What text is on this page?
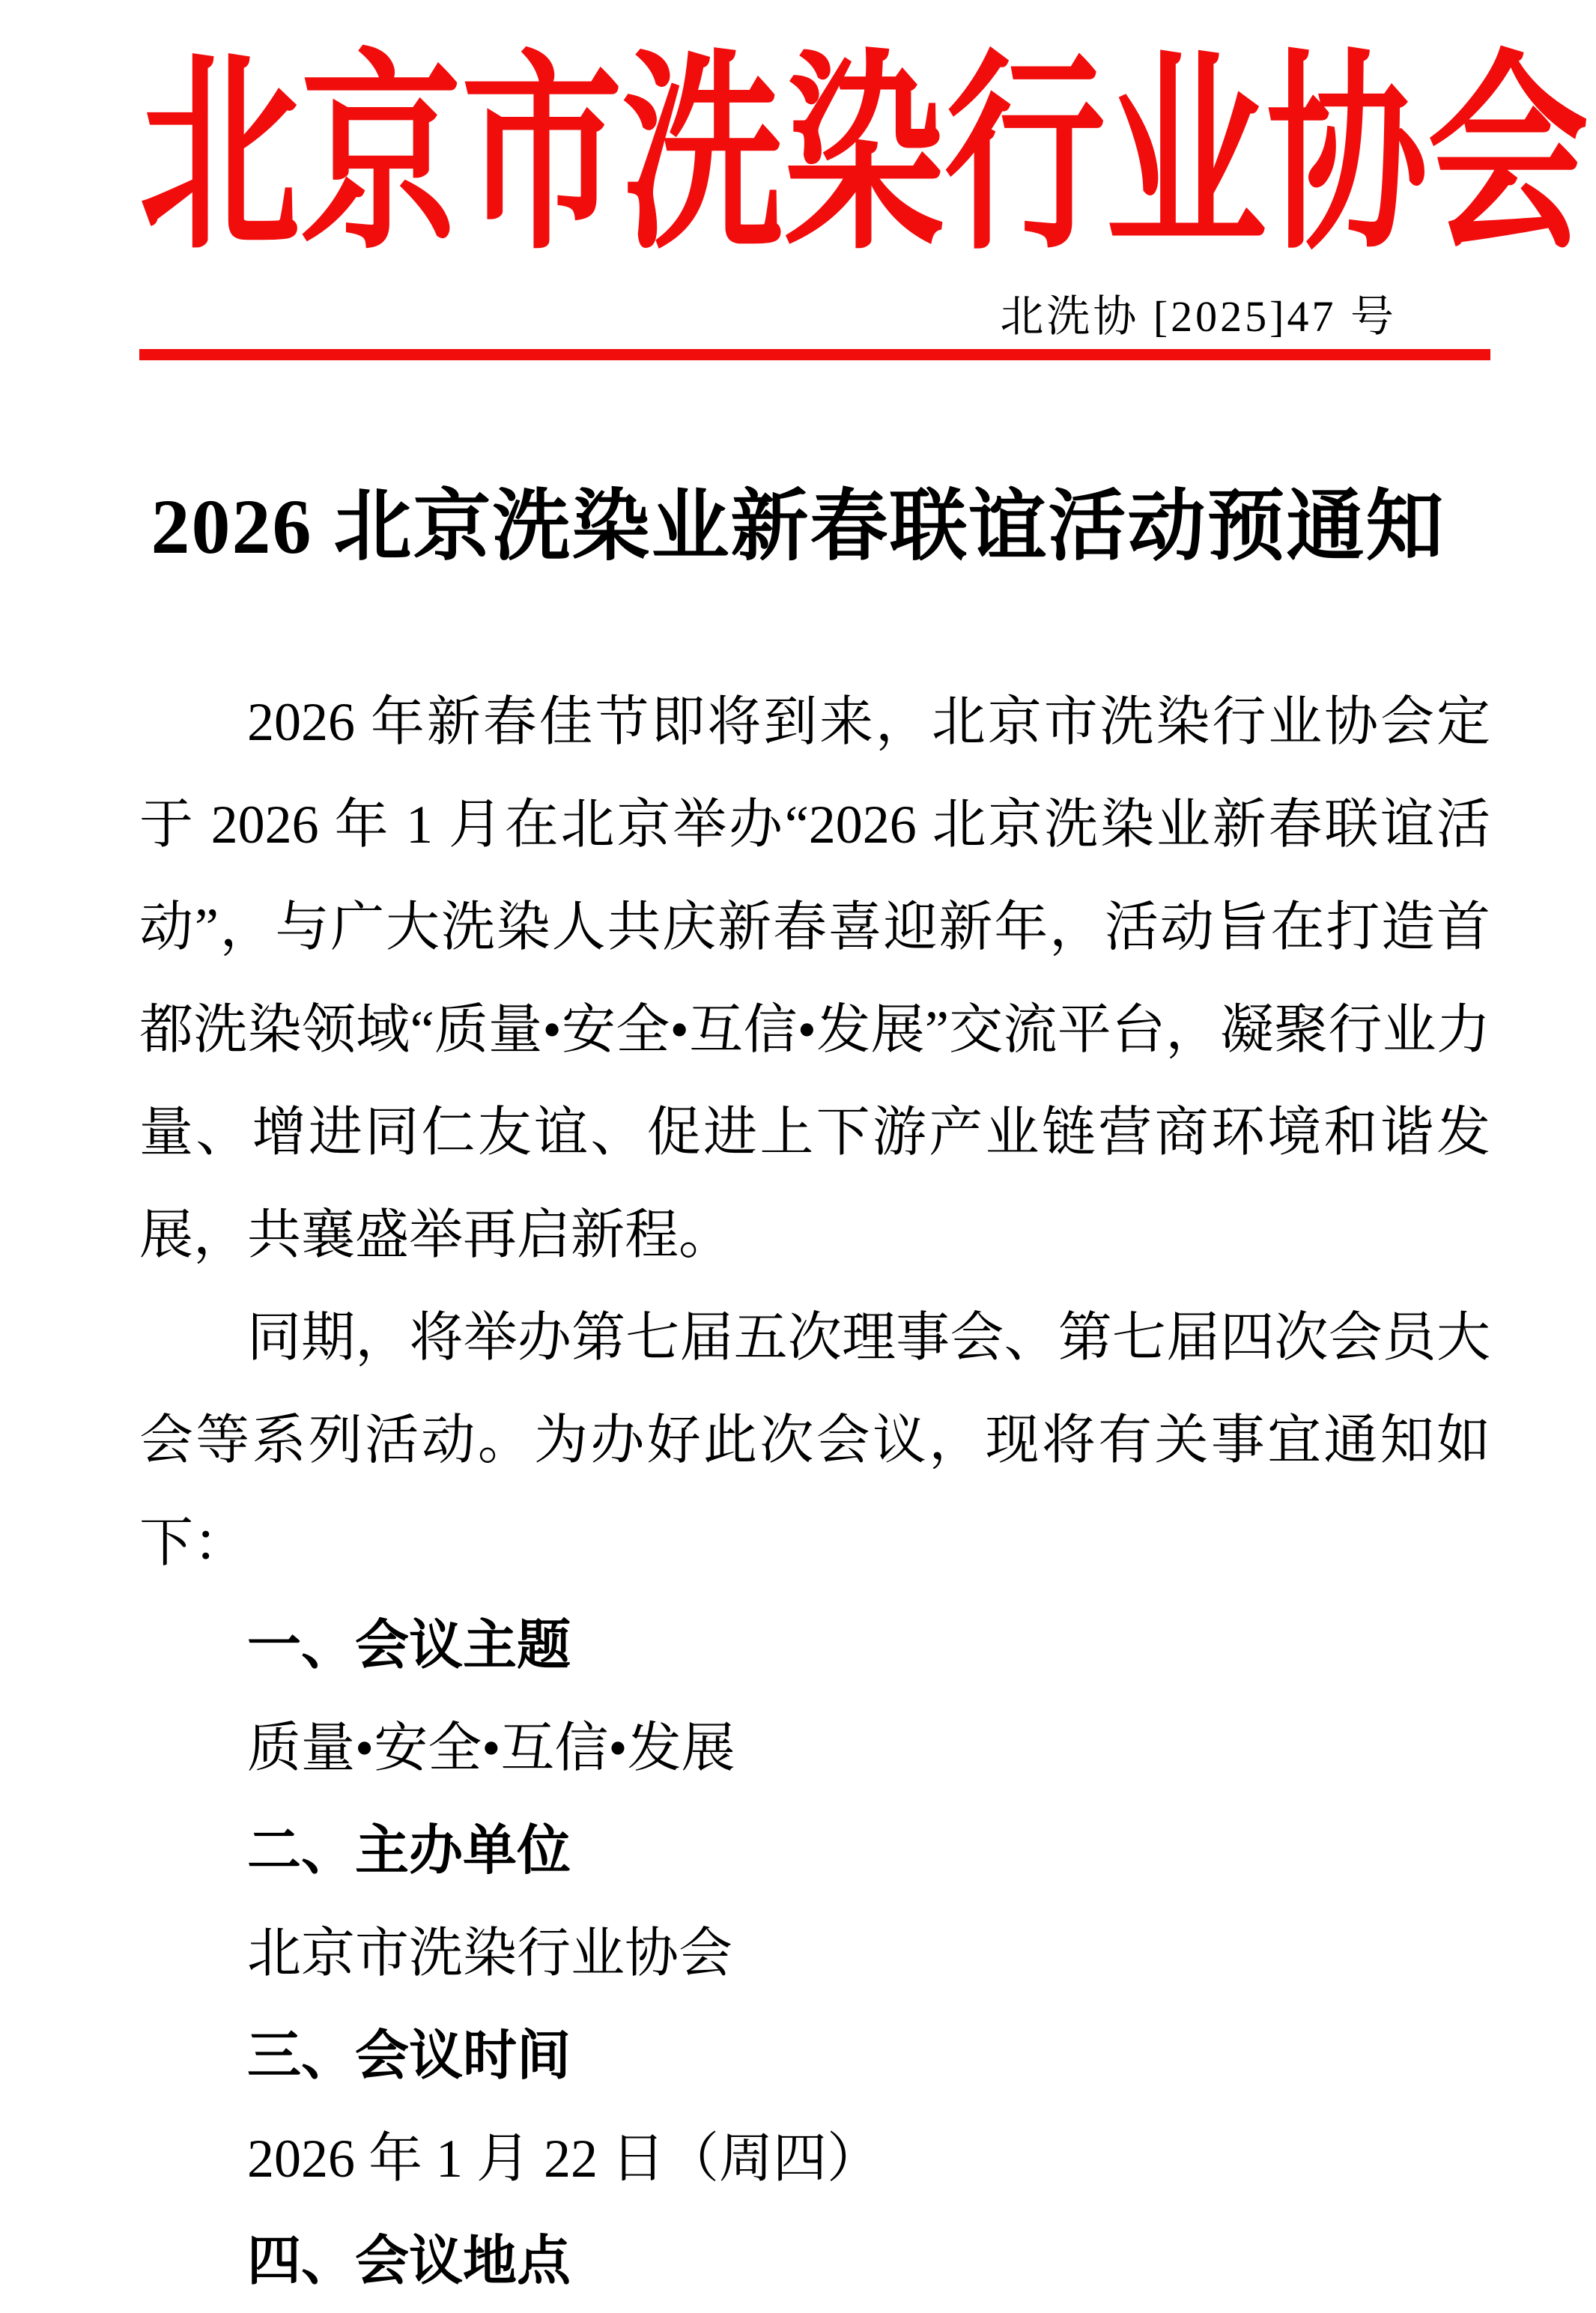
北京市洗染行业协会
北洗协 [2025]47 号
2026 北京洗染业新春联谊活动预通知

2026 年新春佳节即将到来，北京市洗染行业协会定于 2026 年 1 月在北京举办“2026 北京洗染业新春联谊活动”，与广大洗染人共庆新春喜迎新年，活动旨在打造首都洗染领域“质量•安全•互信•发展”交流平台，凝聚行业力量、增进同仁友谊、促进上下游产业链营商环境和谐发展，共襄盛举再启新程。

同期，将举办第七届五次理事会、第七届四次会员大会等系列活动。为办好此次会议，现将有关事宜通知如下：

一、会议主题

质量•安全•互信•发展

二、主办单位

北京市洗染行业协会

三、会议时间

2026 年 1 月 22 日（周四）

四、会议地点
